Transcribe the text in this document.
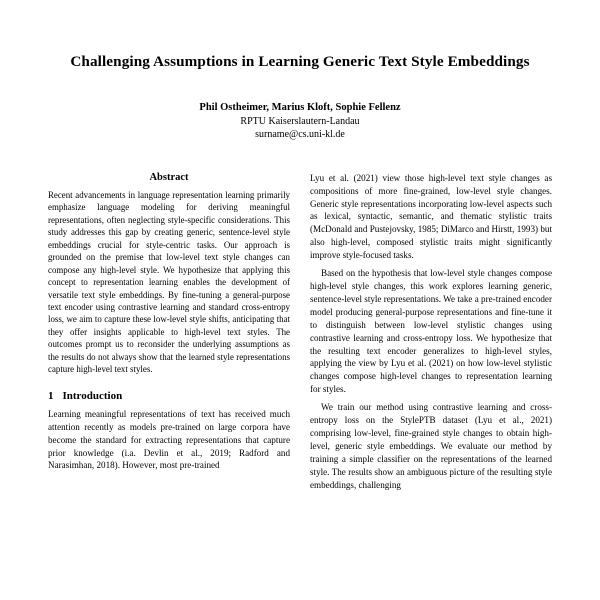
Challenging Assumptions in Learning Generic Text Style Embeddings
Phil Ostheimer, Marius Kloft, Sophie Fellenz
RPTU Kaiserslautern-Landau
surname@cs.uni-kl.de
Abstract

Recent advancements in language representation learning primarily emphasize language modeling for deriving meaningful representations, often neglecting style-specific considerations. This study addresses this gap by creating generic, sentence-level style embeddings crucial for style-centric tasks. Our approach is grounded on the premise that low-level text style changes can compose any high-level style. We hypothesize that applying this concept to representation learning enables the development of versatile text style embeddings. By fine-tuning a general-purpose text encoder using contrastive learning and standard cross-entropy loss, we aim to capture these low-level style shifts, anticipating that they offer insights applicable to high-level text styles. The outcomes prompt us to reconsider the underlying assumptions as the results do not always show that the learned style representations capture high-level text styles.

1 Introduction

Learning meaningful representations of text has received much attention recently as models pre-trained on large corpora have become the standard for extracting representations that capture prior knowledge (i.a. Devlin et al., 2019; Radford and Narasimhan, 2018). However, most pre-trained

Lyu et al. (2021) view those high-level text style changes as compositions of more fine-grained, low-level style changes. Generic style representations incorporating low-level aspects such as lexical, syntactic, semantic, and thematic stylistic traits (McDonald and Pustejovsky, 1985; DiMarco and Hirstt, 1993) but also high-level, composed stylistic traits might significantly improve style-focused tasks.

Based on the hypothesis that low-level style changes compose high-level style changes, this work explores learning generic, sentence-level style representations. We take a pre-trained encoder model producing general-purpose representations and fine-tune it to distinguish between low-level stylistic changes using contrastive learning and cross-entropy loss. We hypothesize that the resulting text encoder generalizes to high-level styles, applying the view by Lyu et al. (2021) on how low-level stylistic changes compose high-level changes to representation learning for styles.

We train our method using contrastive learning and cross-entropy loss on the StylePTB dataset (Lyu et al., 2021) comprising low-level, fine-grained style changes to obtain high-level, generic style embeddings. We evaluate our method by training a simple classifier on the representations of the learned style. The results show an ambiguous picture of the resulting style embeddings, challenging
